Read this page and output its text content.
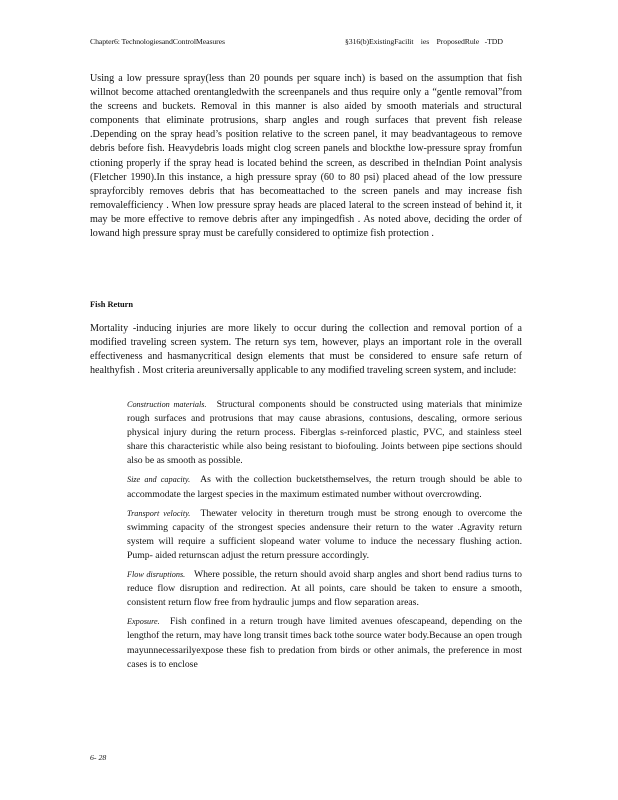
Chapter6: TechnologiesandControlMeasures	§316(b)ExistingFacilit    ies    ProposedRule   -TDD

Using a low pressure spray(less than 20 pounds per square inch) is based on the assumption that fish willnot become attached orentangledwith the screenpanels and thus require only a “gentle removal”from the screens and buckets. Removal in this manner is also aided by smooth materials and structural components that eliminate protrusions, sharp angles and rough surfaces that prevent fish release .Depending on the spray head’s position relative to the screen panel, it may beadvantageous to remove debris before fish. Heavydebris loads might clog screen panels and blockthe low-pressure spray fromfun ctioning properly if the spray head is located behind the screen, as described in theIndian Point analysis (Fletcher 1990).In this instance, a high pressure spray (60 to 80 psi) placed ahead of the low pressure sprayforcibly removes debris that has becomeattached to the screen panels and may increase fish removalefficiency . When low pressure spray heads are placed lateral to the screen instead of behind it, it may be more effective to remove debris after any impingedfish . As noted above, deciding the order of lowand high pressure spray must be carefully considered to optimize fish protection .

Fish Return

Mortality -inducing injuries are more likely to occur during the collection and removal portion of a modified traveling screen system. The return sys tem, however, plays an important role in the overall effectiveness and hasmanycritical design elements that must be considered to ensure safe return of healthyfish . Most criteria areuniversally applicable to any modified traveling screen system, and include:

Construction materials. Structural components should be constructed using materials that minimize rough surfaces and protrusions that may cause abrasions, contusions, descaling, ormore serious physical injury during the return process. Fiberglas s-reinforced plastic, PVC, and stainless steel share this characteristic while also being resistant to biofouling. Joints between pipe sections should also be as smooth as possible.
Size and capacity. As with the collection bucketsthemselves, the return trough should be able to accommodate the largest species in the maximum estimated number without overcrowding.
Transport velocity. Thewater velocity in thereturn trough must be strong enough to overcome the swimming capacity of the strongest species andensure their return to the water .Agravity return system will require a sufficient slopeand water volume to induce the necessary flushing action. Pump- aided returnscan adjust the return pressure accordingly.
Flow disruptions. Where possible, the return should avoid sharp angles and short bend radius turns to reduce flow disruption and redirection. At all points, care should be taken to ensure a smooth, consistent return flow free from hydraulic jumps and flow separation areas.
Exposure. Fish confined in a return trough have limited avenues ofescapeand, depending on the lengthof the return, may have long transit times back tothe source water body.Because an open trough mayunnecessarilyexpose these fish to predation from birds or other animals, the preference in most cases is to enclose
6- 28
